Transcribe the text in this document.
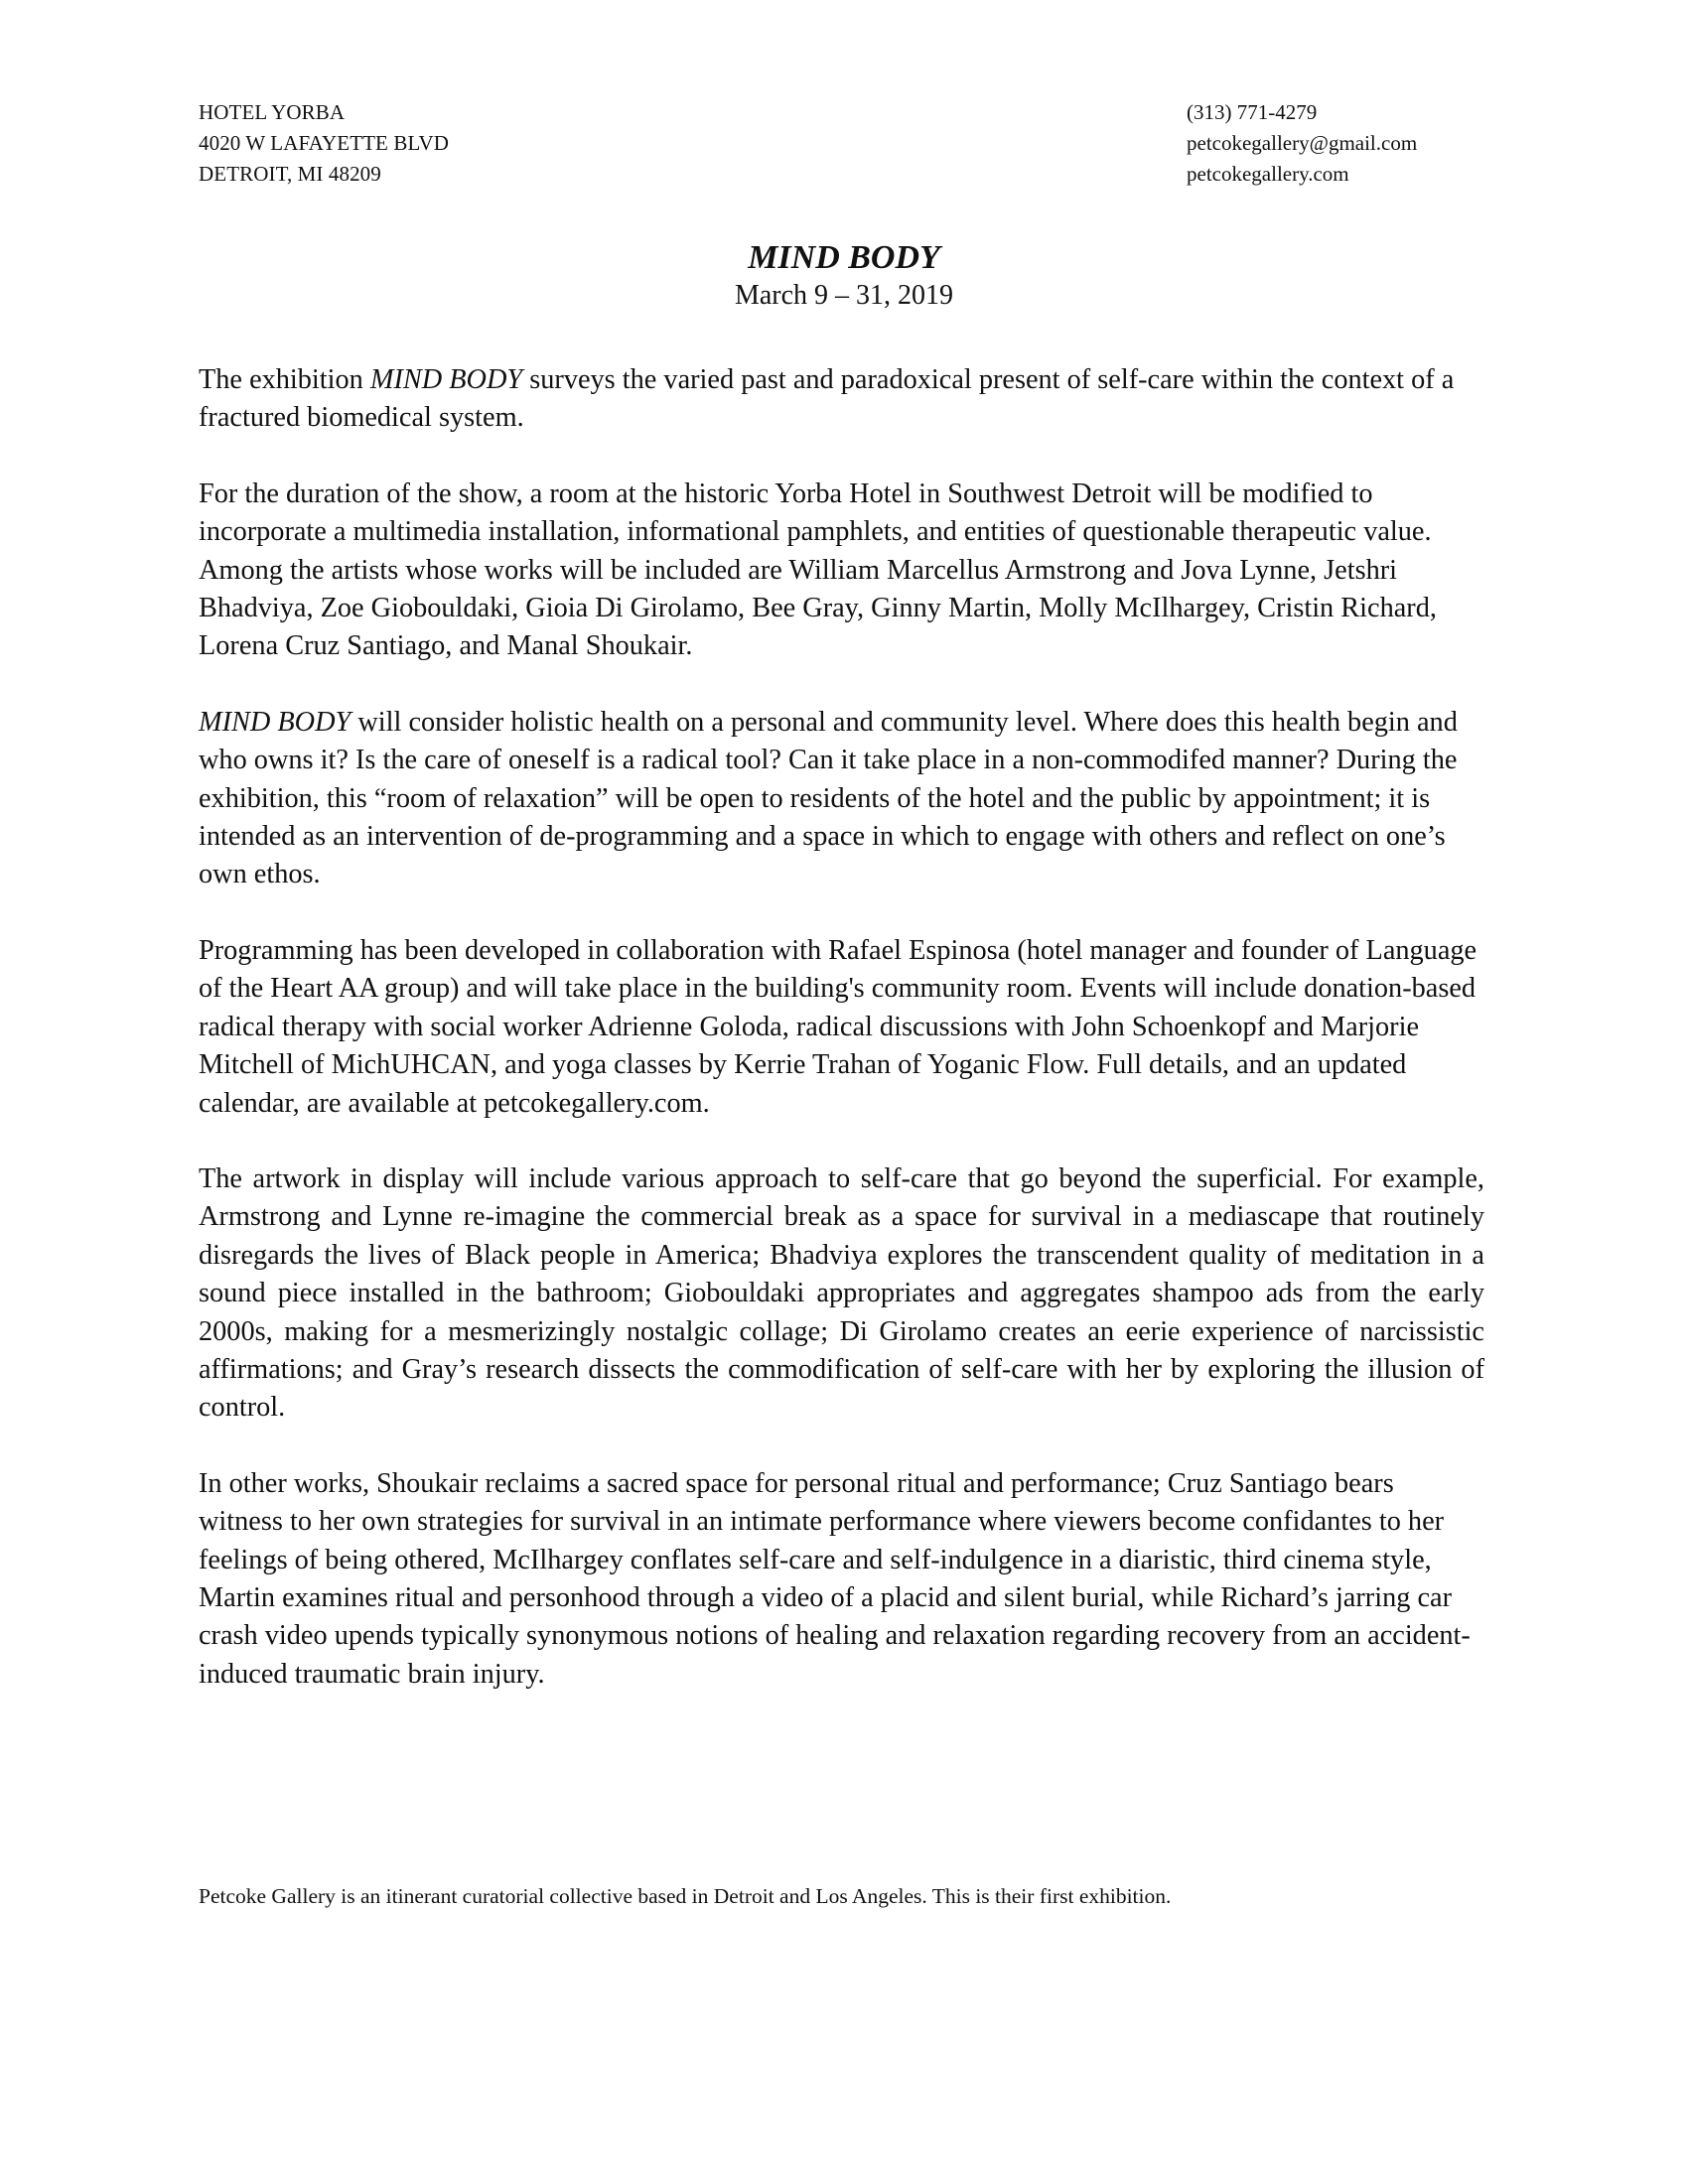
HOTEL YORBA
4020 W LAFAYETTE BLVD
DETROIT, MI 48209
(313) 771-4279
petcokegallery@gmail.com
petcokegallery.com
MIND BODY
March 9 – 31, 2019

The exhibition MIND BODY surveys the varied past and paradoxical present of self-care within the context of a fractured biomedical system.

For the duration of the show, a room at the historic Yorba Hotel in Southwest Detroit will be modified to incorporate a multimedia installation, informational pamphlets, and entities of questionable therapeutic value. Among the artists whose works will be included are William Marcellus Armstrong and Jova Lynne, Jetshri Bhadviya, Zoe Giobouldaki, Gioia Di Girolamo, Bee Gray, Ginny Martin, Molly McIlhargey, Cristin Richard, Lorena Cruz Santiago, and Manal Shoukair.

MIND BODY will consider holistic health on a personal and community level. Where does this health begin and who owns it? Is the care of oneself is a radical tool? Can it take place in a non-commodifed manner? During the exhibition, this “room of relaxation” will be open to residents of the hotel and the public by appointment; it is intended as an intervention of de-programming and a space in which to engage with others and reflect on one’s own ethos.

Programming has been developed in collaboration with Rafael Espinosa (hotel manager and founder of Language of the Heart AA group) and will take place in the building's community room. Events will include donation-based radical therapy with social worker Adrienne Goloda, radical discussions with John Schoenkopf and Marjorie Mitchell of MichUHCAN, and yoga classes by Kerrie Trahan of Yoganic Flow. Full details, and an updated calendar, are available at petcokegallery.com.

The artwork in display will include various approach to self-care that go beyond the superficial. For example, Armstrong and Lynne re-imagine the commercial break as a space for survival in a mediascape that routinely disregards the lives of Black people in America; Bhadviya explores the transcendent quality of meditation in a sound piece installed in the bathroom; Giobouldaki appropriates and aggregates shampoo ads from the early 2000s, making for a mesmerizingly nostalgic collage; Di Girolamo creates an eerie experience of narcissistic affirmations; and Gray’s research dissects the commodification of self-care with her by exploring the illusion of control.

In other works, Shoukair reclaims a sacred space for personal ritual and performance; Cruz Santiago bears witness to her own strategies for survival in an intimate performance where viewers become confidantes to her feelings of being othered, McIlhargey conflates self-care and self-indulgence in a diaristic, third cinema style, Martin examines ritual and personhood through a video of a placid and silent burial, while Richard’s jarring car crash video upends typically synonymous notions of healing and relaxation regarding recovery from an accident-induced traumatic brain injury.

Petcoke Gallery is an itinerant curatorial collective based in Detroit and Los Angeles. This is their first exhibition.
